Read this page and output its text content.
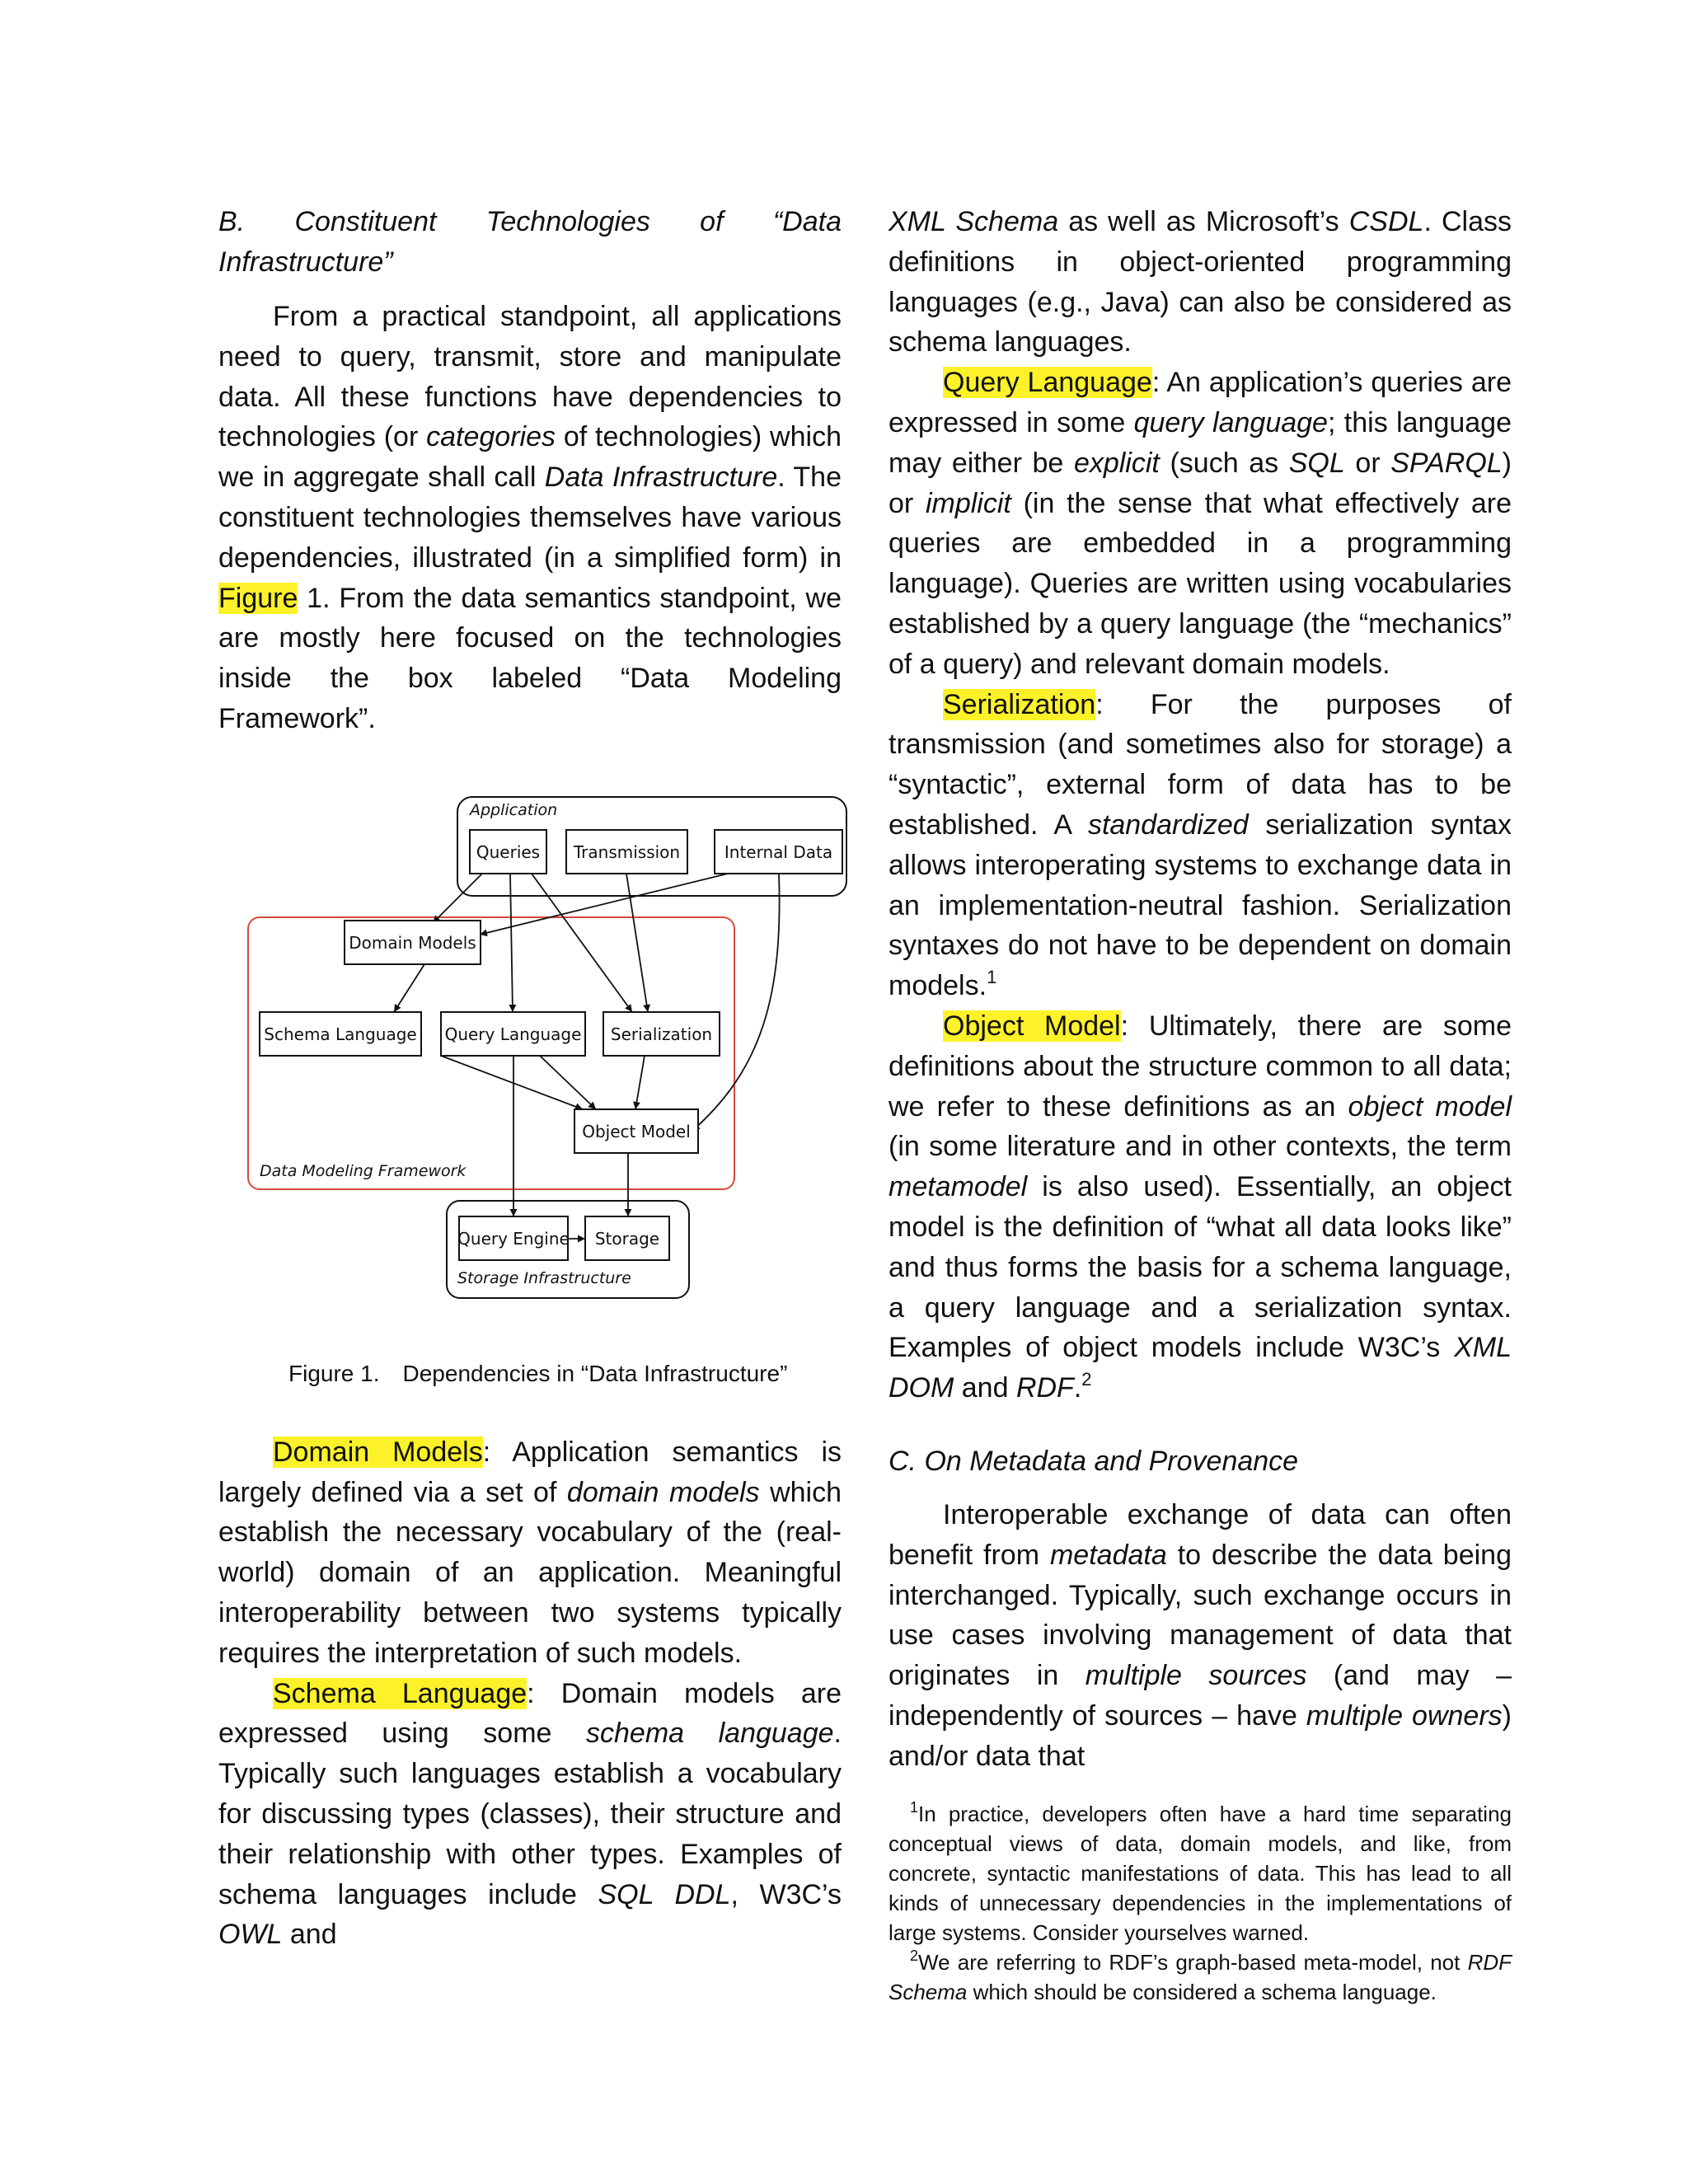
B. Constituent Technologies of “Data Infrastructure”

From a practical standpoint, all applications need to query, transmit, store and manipulate data. All these functions have dependencies to technologies (or categories of technologies) which we in aggregate shall call Data Infrastructure. The constituent technologies themselves have various dependencies, illustrated (in a simplified form) in Figure 1. From the data semantics standpoint, we are mostly here focused on the technologies inside the box labeled “Data Modeling Framework”.

Application
Data Modeling Framework
Storage Infrastructure
Queries Transmission	Internal Data
Domain Models
Schema Language Query Language Serialization
Object Model
Query Engine Storage

Figure 1. Dependencies in “Data Infrastructure”

Domain Models: Application semantics is largely defined via a set of domain models which establish the necessary vocabulary of the (real-world) domain of an application. Meaningful interoperability between two systems typically requires the interpretation of such models.

Schema Language: Domain models are expressed using some schema language. Typically such languages establish a vocabulary for discussing types (classes), their structure and their relationship with other types. Examples of schema languages include SQL DDL, W3C’s OWL and

XML Schema as well as Microsoft’s CSDL. Class definitions in object-oriented programming languages (e.g., Java) can also be considered as schema languages.

Query Language: An application’s queries are expressed in some query language; this language may either be explicit (such as SQL or SPARQL) or implicit (in the sense that what effectively are queries are embedded in a programming language). Queries are written using vocabularies established by a query language (the “mechanics” of a query) and relevant domain models.

Serialization: For the purposes of transmission (and sometimes also for storage) a “syntactic”, external form of data has to be established. A standardized serialization syntax allows interoperating systems to exchange data in an implementation-neutral fashion. Serialization syntaxes do not have to be dependent on domain models.$^1$

Object Model: Ultimately, there are some definitions about the structure common to all data; we refer to these definitions as an object model (in some literature and in other contexts, the term metamodel is also used). Essentially, an object model is the definition of “what all data looks like” and thus forms the basis for a schema language, a query language and a serialization syntax. Examples of object models include W3C’s XML DOM and RDF.$^2$

C. On Metadata and Provenance

Interoperable exchange of data can often benefit from metadata to describe the data being interchanged. Typically, such exchange occurs in use cases involving management of data that originates in multiple sources (and may – independently of sources – have multiple owners) and/or data that

$^1$In practice, developers often have a hard time separating conceptual views of data, domain models, and like, from concrete, syntactic manifestations of data. This has lead to all kinds of unnecessary dependencies in the implementations of large systems. Consider yourselves warned.

$^2$We are referring to RDF’s graph-based meta-model, not RDF Schema which should be considered a schema language.
